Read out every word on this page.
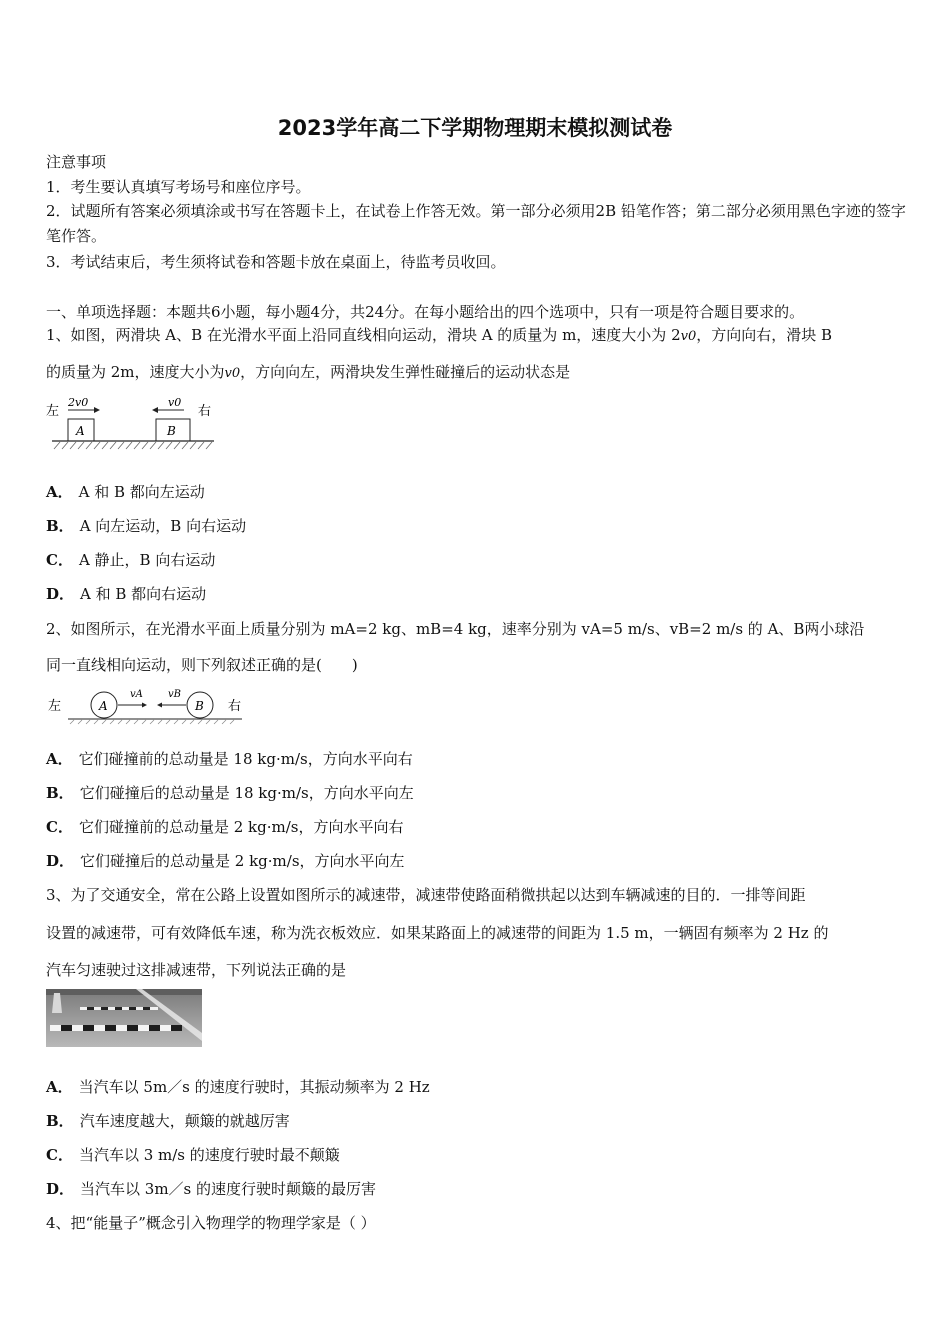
2023学年高二下学期物理期末模拟测试卷
注意事项
1．考生要认真填写考场号和座位序号。
2．试题所有答案必须填涂或书写在答题卡上，在试卷上作答无效。第一部分必须用2B 铅笔作答；第二部分必须用黑色字迹的签字笔作答。
3．考试结束后，考生须将试卷和答题卡放在桌面上，待监考员收回。
一、单项选择题：本题共6小题，每小题4分，共24分。在每小题给出的四个选项中，只有一项是符合题目要求的。
1、如图，两滑块 A、B 在光滑水平面上沿同直线相向运动，滑块 A 的质量为 m，速度大小为 2v0，方向向右，滑块 B
的质量为 2m，速度大小为v0，方向向左，两滑块发生弹性碰撞后的运动状态是
左	右
2v0	v0
A	B
A． A 和 B 都向左运动
B． A 向左运动，B 向右运动
C． A 静止，B 向右运动
D． A 和 B 都向右运动
2、如图所示，在光滑水平面上质量分别为 mA=2 kg、mB=4 kg，速率分别为 vA=5 m/s、vB=2 m/s 的 A、B两小球沿
同一直线相向运动，则下列叙述正确的是(　　)
左	右
A	B
vA	vB
A． 它们碰撞前的总动量是 18 kg·m/s，方向水平向右
B． 它们碰撞后的总动量是 18 kg·m/s，方向水平向左
C． 它们碰撞前的总动量是 2 kg·m/s，方向水平向右
D． 它们碰撞后的总动量是 2 kg·m/s，方向水平向左
3、为了交通安全，常在公路上设置如图所示的减速带，减速带使路面稍微拱起以达到车辆减速的目的．一排等间距
设置的减速带，可有效降低车速，称为洗衣板效应．如果某路面上的减速带的间距为 1.5 m，一辆固有频率为 2 Hz 的
汽车匀速驶过这排减速带，下列说法正确的是
A． 当汽车以 5m／s 的速度行驶时，其振动频率为 2 Hz
B． 汽车速度越大，颠簸的就越厉害
C． 当汽车以 3 m/s 的速度行驶时最不颠簸
D． 当汽车以 3m／s 的速度行驶时颠簸的最厉害
4、把“能量子”概念引入物理学的物理学家是（ ）
